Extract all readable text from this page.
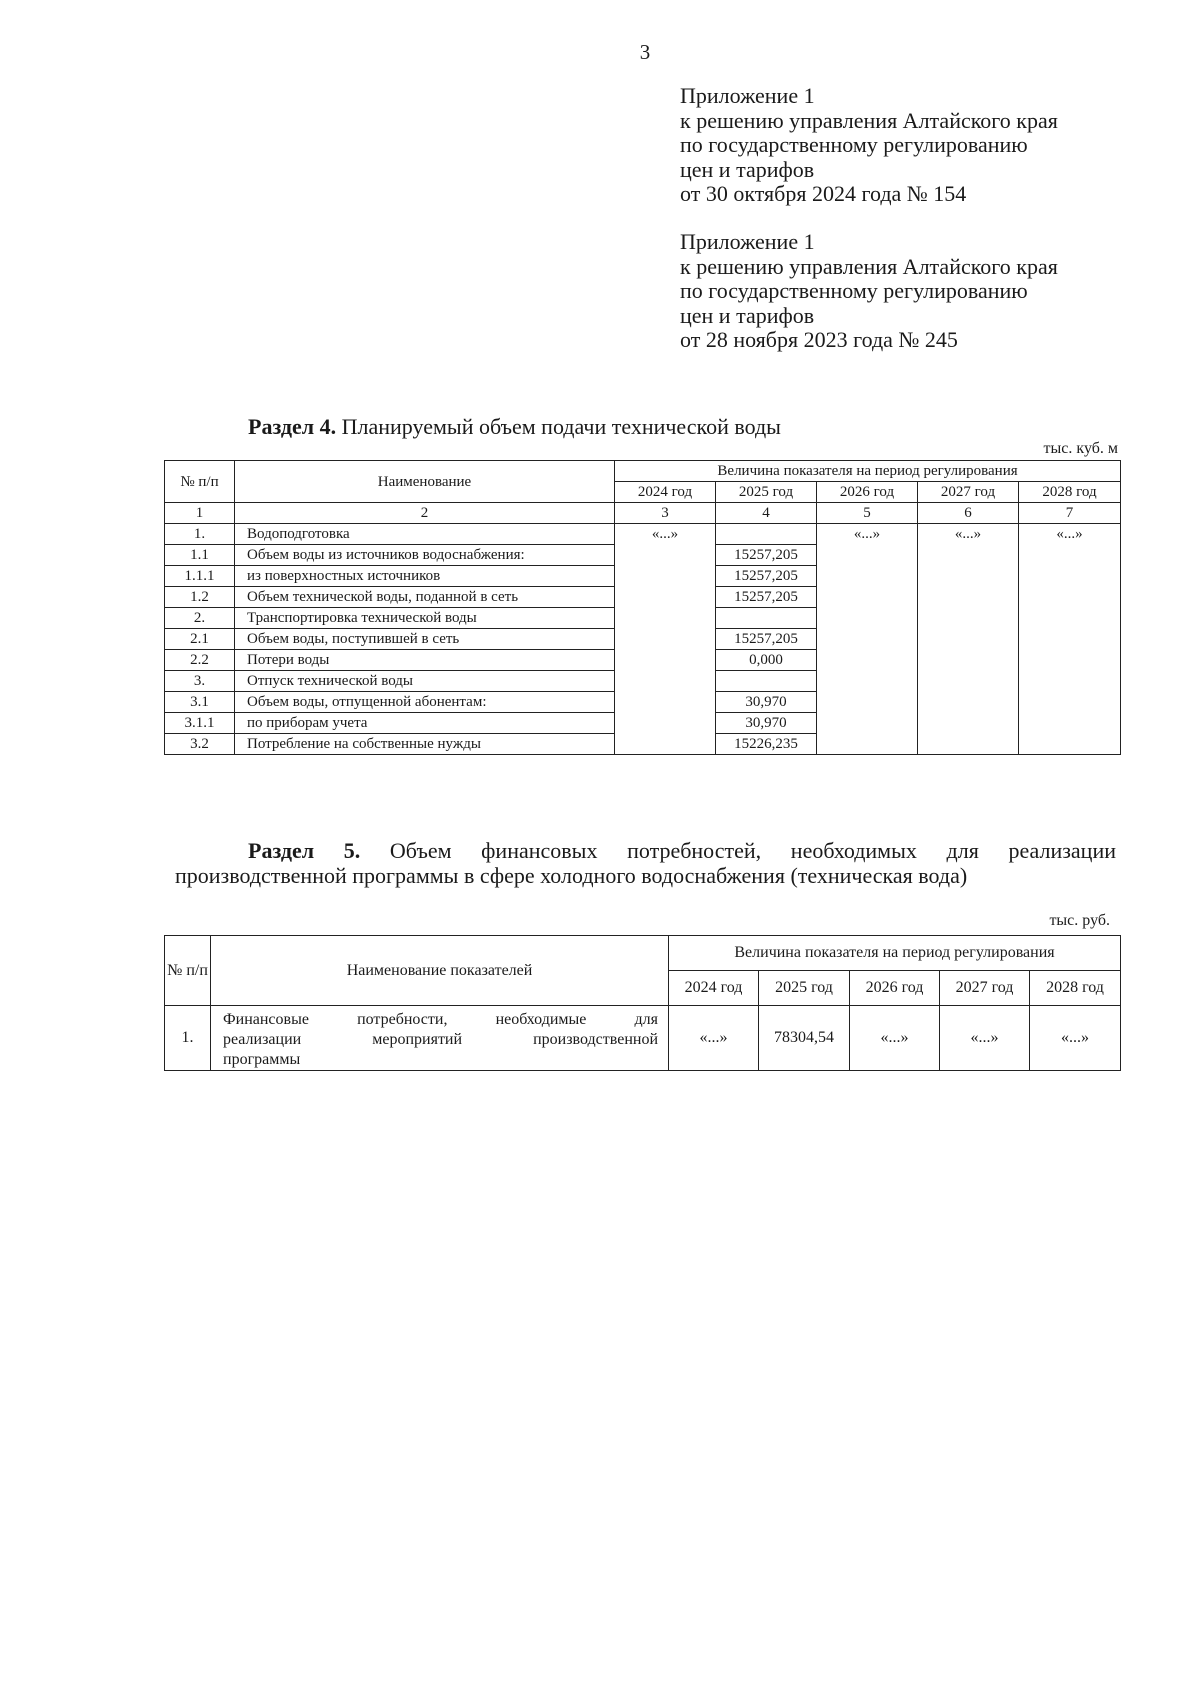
3
Приложение 1
к решению управления Алтайского края
по государственному регулированию
цен и тарифов
от 30 октября 2024 года № 154
Приложение 1
к решению управления Алтайского края
по государственному регулированию
цен и тарифов
от 28 ноября 2023 года № 245
Раздел 4. Планируемый объем подачи технической воды
тыс. куб. м
№ п/п	Наименование	Величина показателя на период регулирования				
		2024 год	2025 год	2026 год	2027 год	2028 год
1	2	3	4	5	6	7
1.	Водоподготовка	«...»		«...»	«...»	«...»
1.1	Объем воды из источников водоснабжения:		15257,205			
1.1.1	из поверхностных источников		15257,205			
1.2	Объем технической воды, поданной в сеть		15257,205			
2.	Транспортировка технической воды					
2.1	Объем воды, поступившей в сеть		15257,205			
2.2	Потери воды		0,000			
3.	Отпуск технической воды					
3.1	Объем воды, отпущенной абонентам:		30,970			
3.1.1	по приборам учета		30,970			
3.2	Потребление на собственные нужды		15226,235			
Раздел 5. Объем финансовых потребностей, необходимых для реализации
производственной программы в сфере холодного водоснабжения (техническая вода)
тыс. руб.
№ п/п	Наименование показателей	Величина показателя на период регулирования				
		2024 год	2025 год	2026 год	2027 год	2028 год
1.	Финансовые потребности, необходимые для
реализации мероприятий производственной
программы	«...»	78304,54	«...»	«...»	«...»
